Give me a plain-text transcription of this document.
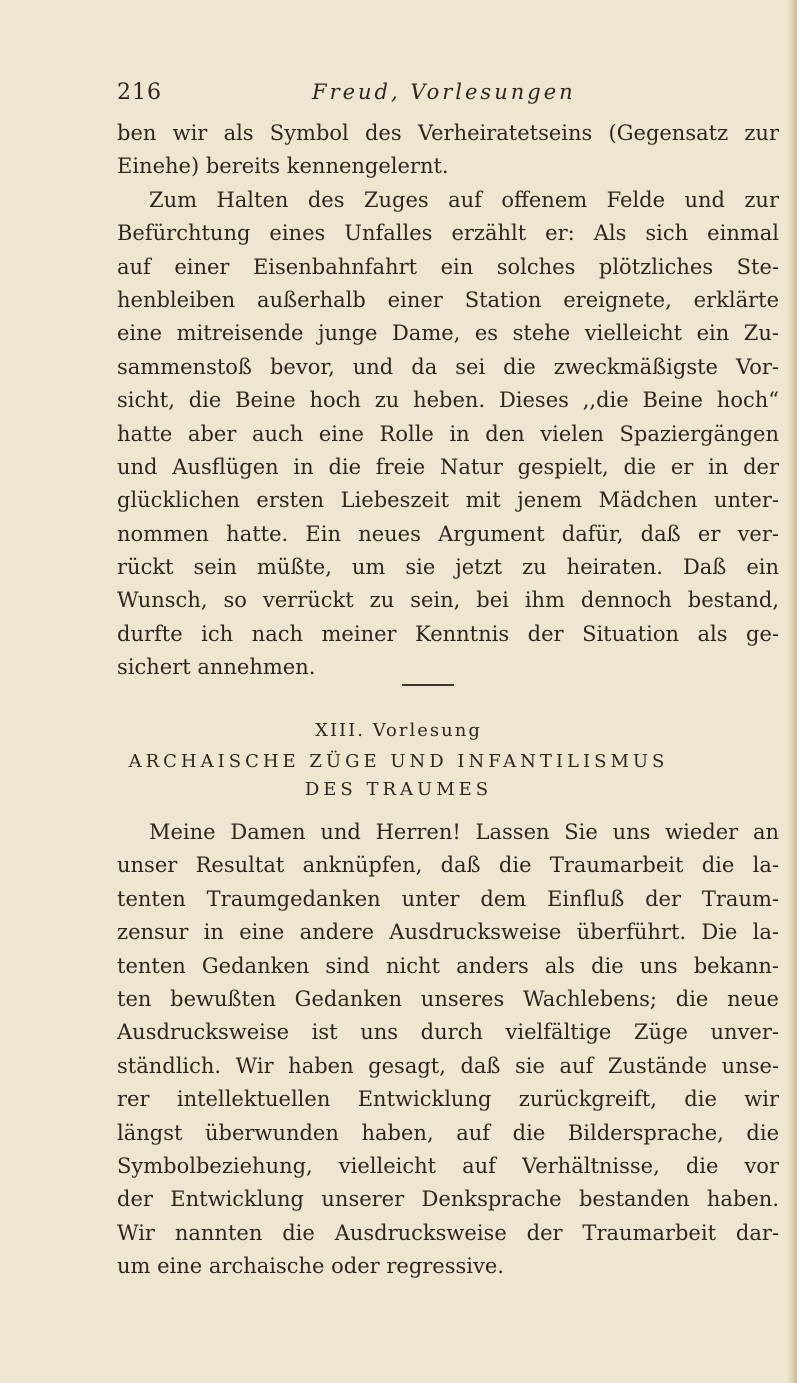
216	Freud, Vorlesungen
ben wir als Symbol des Verheiratetseins (Gegensatz zur
Einehe) bereits kennengelernt.
Zum Halten des Zuges auf offenem Felde und zur
Befürchtung eines Unfalles erzählt er: Als sich einmal
auf einer Eisenbahnfahrt ein solches plötzliches Ste-
henbleiben außerhalb einer Station ereignete, erklärte
eine mitreisende junge Dame, es stehe vielleicht ein Zu-
sammenstoß bevor, und da sei die zweckmäßigste Vor-
sicht, die Beine hoch zu heben. Dieses ,,die Beine hoch“
hatte aber auch eine Rolle in den vielen Spaziergängen
und Ausflügen in die freie Natur gespielt, die er in der
glücklichen ersten Liebeszeit mit jenem Mädchen unter-
nommen hatte. Ein neues Argument dafür, daß er ver-
rückt sein müßte, um sie jetzt zu heiraten. Daß ein
Wunsch, so verrückt zu sein, bei ihm dennoch bestand,
durfte ich nach meiner Kenntnis der Situation als ge-
sichert annehmen.
XIII. Vorlesung
ARCHAISCHE ZÜGE UND INFANTILISMUS
DES TRAUMES
Meine Damen und Herren! Lassen Sie uns wieder an
unser Resultat anknüpfen, daß die Traumarbeit die la-
tenten Traumgedanken unter dem Einfluß der Traum-
zensur in eine andere Ausdrucksweise überführt. Die la-
tenten Gedanken sind nicht anders als die uns bekann-
ten bewußten Gedanken unseres Wachlebens; die neue
Ausdrucksweise ist uns durch vielfältige Züge unver-
ständlich. Wir haben gesagt, daß sie auf Zustände unse-
rer intellektuellen Entwicklung zurückgreift, die wir
längst überwunden haben, auf die Bildersprache, die
Symbolbeziehung, vielleicht auf Verhältnisse, die vor
der Entwicklung unserer Denksprache bestanden haben.
Wir nannten die Ausdrucksweise der Traumarbeit dar-
um eine archaische oder regressive.
